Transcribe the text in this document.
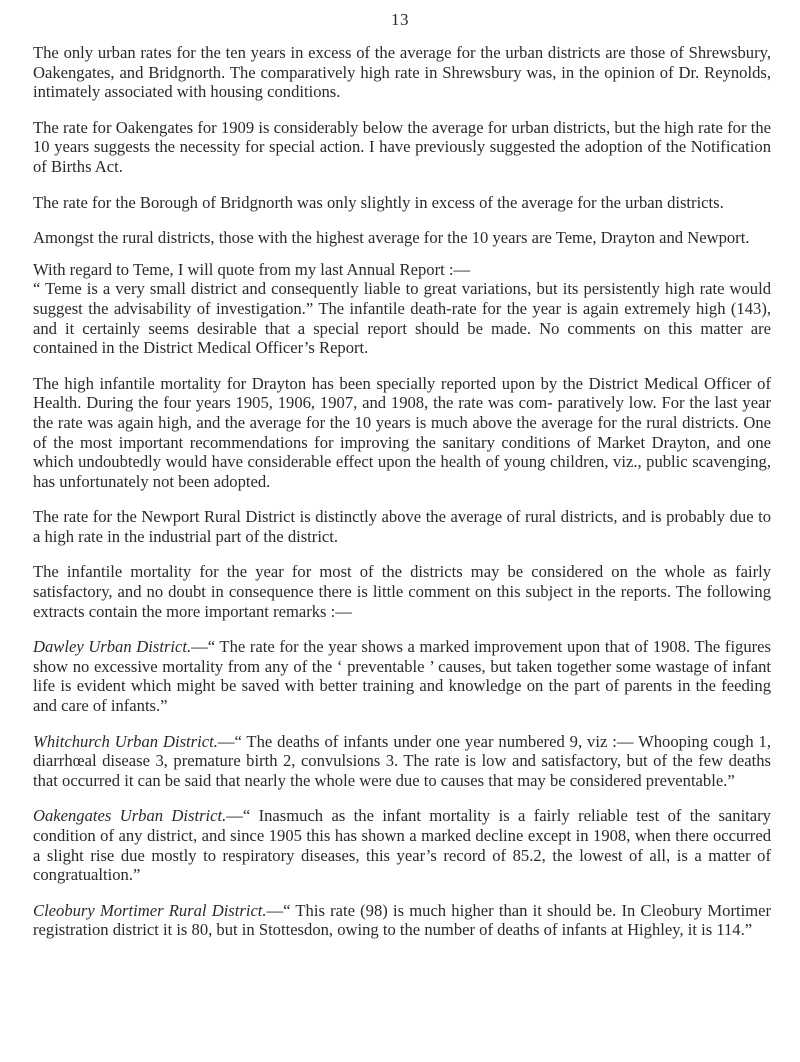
13

The only urban rates for the ten years in excess of the average for the urban districts are those of Shrewsbury, Oakengates, and Bridgnorth. The comparatively high rate in Shrewsbury was, in the opinion of Dr. Reynolds, intimately associated with housing conditions.

The rate for Oakengates for 1909 is considerably below the average for urban districts, but the high rate for the 10 years suggests the necessity for special action. I have previously suggested the adoption of the Notification of Births Act.

The rate for the Borough of Bridgnorth was only slightly in excess of the average for the urban districts.

Amongst the rural districts, those with the highest average for the 10 years are Teme, Drayton and Newport.

With regard to Teme, I will quote from my last Annual Report :—

“ Teme is a very small district and consequently liable to great variations, but its persistently high rate would suggest the advisability of investigation.” The infantile death-rate for the year is again extremely high (143), and it certainly seems desirable that a special report should be made. No comments on this matter are contained in the District Medical Officer’s Report.

The high infantile mortality for Drayton has been specially reported upon by the District Medical Officer of Health. During the four years 1905, 1906, 1907, and 1908, the rate was com- paratively low. For the last year the rate was again high, and the average for the 10 years is much above the average for the rural districts. One of the most important recommendations for improving the sanitary conditions of Market Drayton, and one which undoubtedly would have considerable effect upon the health of young children, viz., public scavenging, has unfortunately not been adopted.

The rate for the Newport Rural District is distinctly above the average of rural districts, and is probably due to a high rate in the industrial part of the district.

The infantile mortality for the year for most of the districts may be considered on the whole as fairly satisfactory, and no doubt in consequence there is little comment on this subject in the reports. The following extracts contain the more important remarks :—

Dawley Urban District.—“ The rate for the year shows a marked improvement upon that of 1908. The figures show no excessive mortality from any of the ‘ preventable ’ causes, but taken together some wastage of infant life is evident which might be saved with better training and knowledge on the part of parents in the feeding and care of infants.”

Whitchurch Urban District.—“ The deaths of infants under one year numbered 9, viz :— Whooping cough 1, diarrhœal disease 3, premature birth 2, convulsions 3. The rate is low and satisfactory, but of the few deaths that occurred it can be said that nearly the whole were due to causes that may be considered preventable.”

Oakengates Urban District.—“ Inasmuch as the infant mortality is a fairly reliable test of the sanitary condition of any district, and since 1905 this has shown a marked decline except in 1908, when there occurred a slight rise due mostly to respiratory diseases, this year’s record of 85.2, the lowest of all, is a matter of congratualtion.”

Cleobury Mortimer Rural District.—“ This rate (98) is much higher than it should be. In Cleobury Mortimer registration district it is 80, but in Stottesdon, owing to the number of deaths of infants at Highley, it is 114.”
